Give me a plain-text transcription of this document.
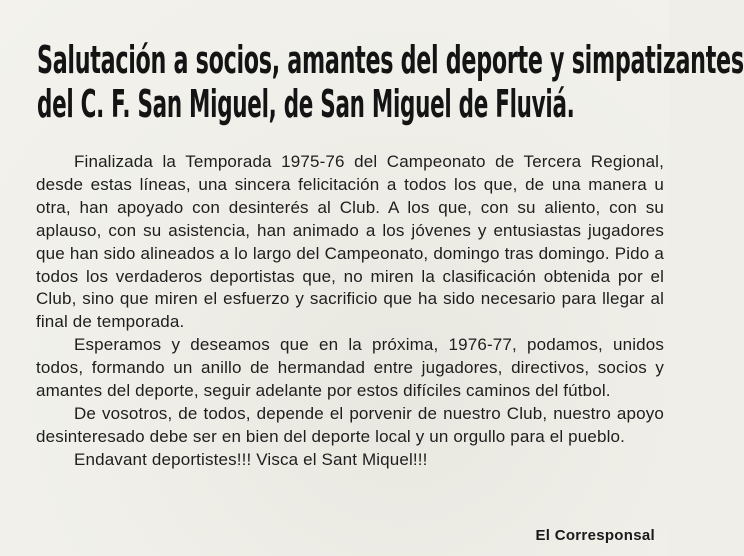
Salutación a socios, amantes del deporte y simpatizantes
del C. F. San Miguel, de San Miguel de Fluviá.

Finalizada la Temporada 1975-76 del Campeonato de Tercera Regional, desde estas líneas, una sincera felicitación a todos los que, de una manera u otra, han apoyado con desinterés al Club. A los que, con su aliento, con su aplauso, con su asistencia, han animado a los jóvenes y entusiastas jugadores que han sido alineados a lo largo del Campeonato, domingo tras domingo. Pido a todos los verdaderos deportistas que, no miren la clasificación obtenida por el Club, sino que miren el esfuerzo y sacrificio que ha sido necesario para llegar al final de temporada.

Esperamos y deseamos que en la próxima, 1976-77, podamos, unidos todos, formando un anillo de hermandad entre jugadores, directivos, socios y amantes del deporte, seguir adelante por estos difíciles caminos del fútbol.

De vosotros, de todos, depende el porvenir de nuestro Club, nuestro apoyo desinteresado debe ser en bien del deporte local y un orgullo para el pueblo.

Endavant deportistes!!! Visca el Sant Miquel!!!

El Corresponsal
